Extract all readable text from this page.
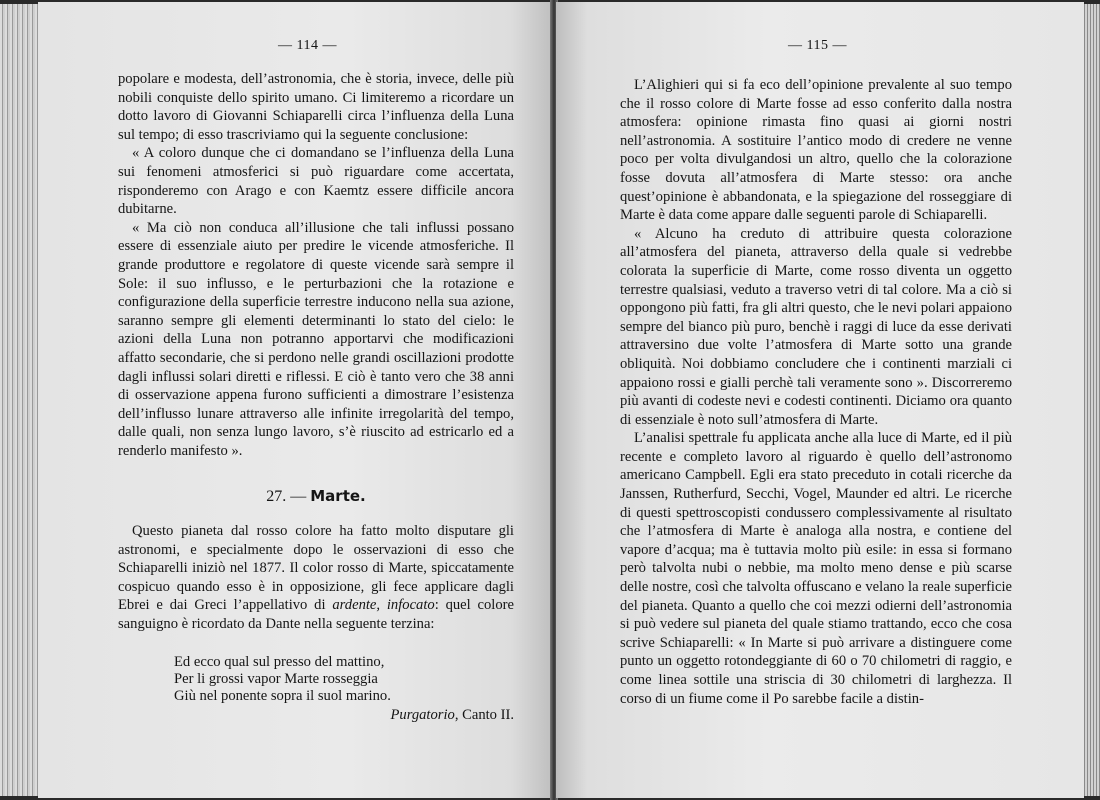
— 114 —

popolare e modesta, dell’astronomia, che è storia, invece, delle più nobili conquiste dello spirito umano. Ci limiteremo a ricordare un dotto lavoro di Giovanni Schiaparelli circa l’influenza della Luna sul tempo; di esso trascriviamo qui la seguente conclusione:

« A coloro dunque che ci domandano se l’influenza della Luna sui fenomeni atmosferici si può riguardare come accertata, risponderemo con Arago e con Kaemtz essere difficile ancora dubitarne.

« Ma ciò non conduca all’illusione che tali influssi possano essere di essenziale aiuto per predire le vicende atmosferiche. Il grande produttore e regolatore di queste vicende sarà sempre il Sole: il suo influsso, e le perturbazioni che la rotazione e configurazione della superficie terrestre inducono nella sua azione, saranno sempre gli elementi determinanti lo stato del cielo: le azioni della Luna non potranno apportarvi che modificazioni affatto secondarie, che si perdono nelle grandi oscillazioni prodotte dagli influssi solari diretti e riflessi. E ciò è tanto vero che 38 anni di osservazione appena furono sufficienti a dimostrare l’esistenza dell’influsso lunare attraverso alle infinite irregolarità del tempo, dalle quali, non senza lungo lavoro, s’è riuscito ad estricarlo ed a renderlo manifesto ».

27. — Marte.

Questo pianeta dal rosso colore ha fatto molto disputare gli astronomi, e specialmente dopo le osservazioni di esso che Schiaparelli iniziò nel 1877. Il color rosso di Marte, spiccatamente cospicuo quando esso è in opposizione, gli fece applicare dagli Ebrei e dai Greci l’appellativo di ardente, infocato: quel colore sanguigno è ricordato da Dante nella seguente terzina:

Ed ecco qual sul presso del mattino,
Per li grossi vapor Marte rosseggia
Giù nel ponente sopra il suol marino.
Purgatorio, Canto II.
— 115 —

L’Alighieri qui si fa eco dell’opinione prevalente al suo tempo che il rosso colore di Marte fosse ad esso conferito dalla nostra atmosfera: opinione rimasta fino quasi ai giorni nostri nell’astronomia. A sostituire l’antico modo di credere ne venne poco per volta divulgandosi un altro, quello che la colorazione fosse dovuta all’atmosfera di Marte stesso: ora anche quest’opinione è abbandonata, e la spiegazione del rosseggiare di Marte è data come appare dalle seguenti parole di Schiaparelli.

« Alcuno ha creduto di attribuire questa colorazione all’atmosfera del pianeta, attraverso della quale si vedrebbe colorata la superficie di Marte, come rosso diventa un oggetto terrestre qualsiasi, veduto a traverso vetri di tal colore. Ma a ciò si oppongono più fatti, fra gli altri questo, che le nevi polari appaiono sempre del bianco più puro, benchè i raggi di luce da esse derivati attraversino due volte l’atmosfera di Marte sotto una grande obliquità. Noi dobbiamo concludere che i continenti marziali ci appaiono rossi e gialli perchè tali veramente sono ». Discorreremo più avanti di codeste nevi e codesti continenti. Diciamo ora quanto di essenziale è noto sull’atmosfera di Marte.

L’analisi spettrale fu applicata anche alla luce di Marte, ed il più recente e completo lavoro al riguardo è quello dell’astronomo americano Campbell. Egli era stato preceduto in cotali ricerche da Janssen, Rutherfurd, Secchi, Vogel, Maunder ed altri. Le ricerche di questi spettroscopisti condussero complessivamente al risultato che l’atmosfera di Marte è analoga alla nostra, e contiene del vapore d’acqua; ma è tuttavia molto più esile: in essa si formano però talvolta nubi o nebbie, ma molto meno dense e più scarse delle nostre, così che talvolta offuscano e velano la reale superficie del pianeta. Quanto a quello che coi mezzi odierni dell’astronomia si può vedere sul pianeta del quale stiamo trattando, ecco che cosa scrive Schiaparelli: « In Marte si può arrivare a distinguere come punto un oggetto rotondeggiante di 60 o 70 chilometri di raggio, e come linea sottile una striscia di 30 chilometri di larghezza. Il corso di un fiume come il Po sarebbe facile a distin-
